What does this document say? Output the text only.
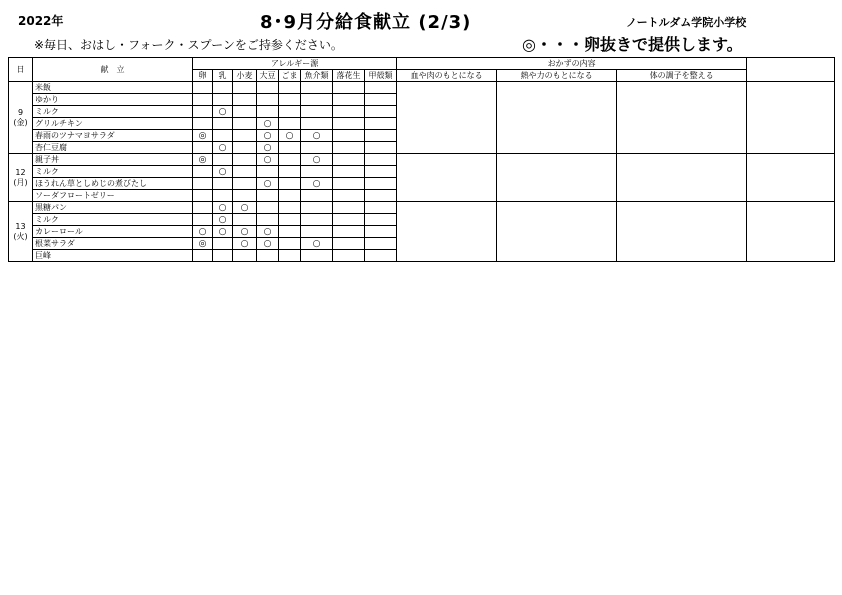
2022年	8･9月分給食献立 (2/3)	ノートルダム学院小学校
※毎日、おはし・フォーク・スプーンをご持参ください。	◎・・・卵抜きで提供します。
日	献　立	アレルギー源								おかずの内容			
		卵	乳	小麦	大豆	ごま	魚介類	落花生	甲殻類	血や肉のもとになる	熱や力のもとになる	体の調子を整える	

9
(金)	米飯												
	ゆかり												
	ミルク		○										
	グリルチキン				○								
	春雨のツナマヨサラダ	◎			○	○	○						
	杏仁豆腐		○		○								

12
(月)	親子丼	◎			○		○						
	ミルク		○										
	ほうれん草としめじの煮びたし				○		○						
	ソーダフロートゼリー												

13
(火)	黒糖パン		○	○									
	ミルク		○										
	カレーロール	○	○	○	○								
	根菜サラダ	◎		○	○		○						
	巨峰												
